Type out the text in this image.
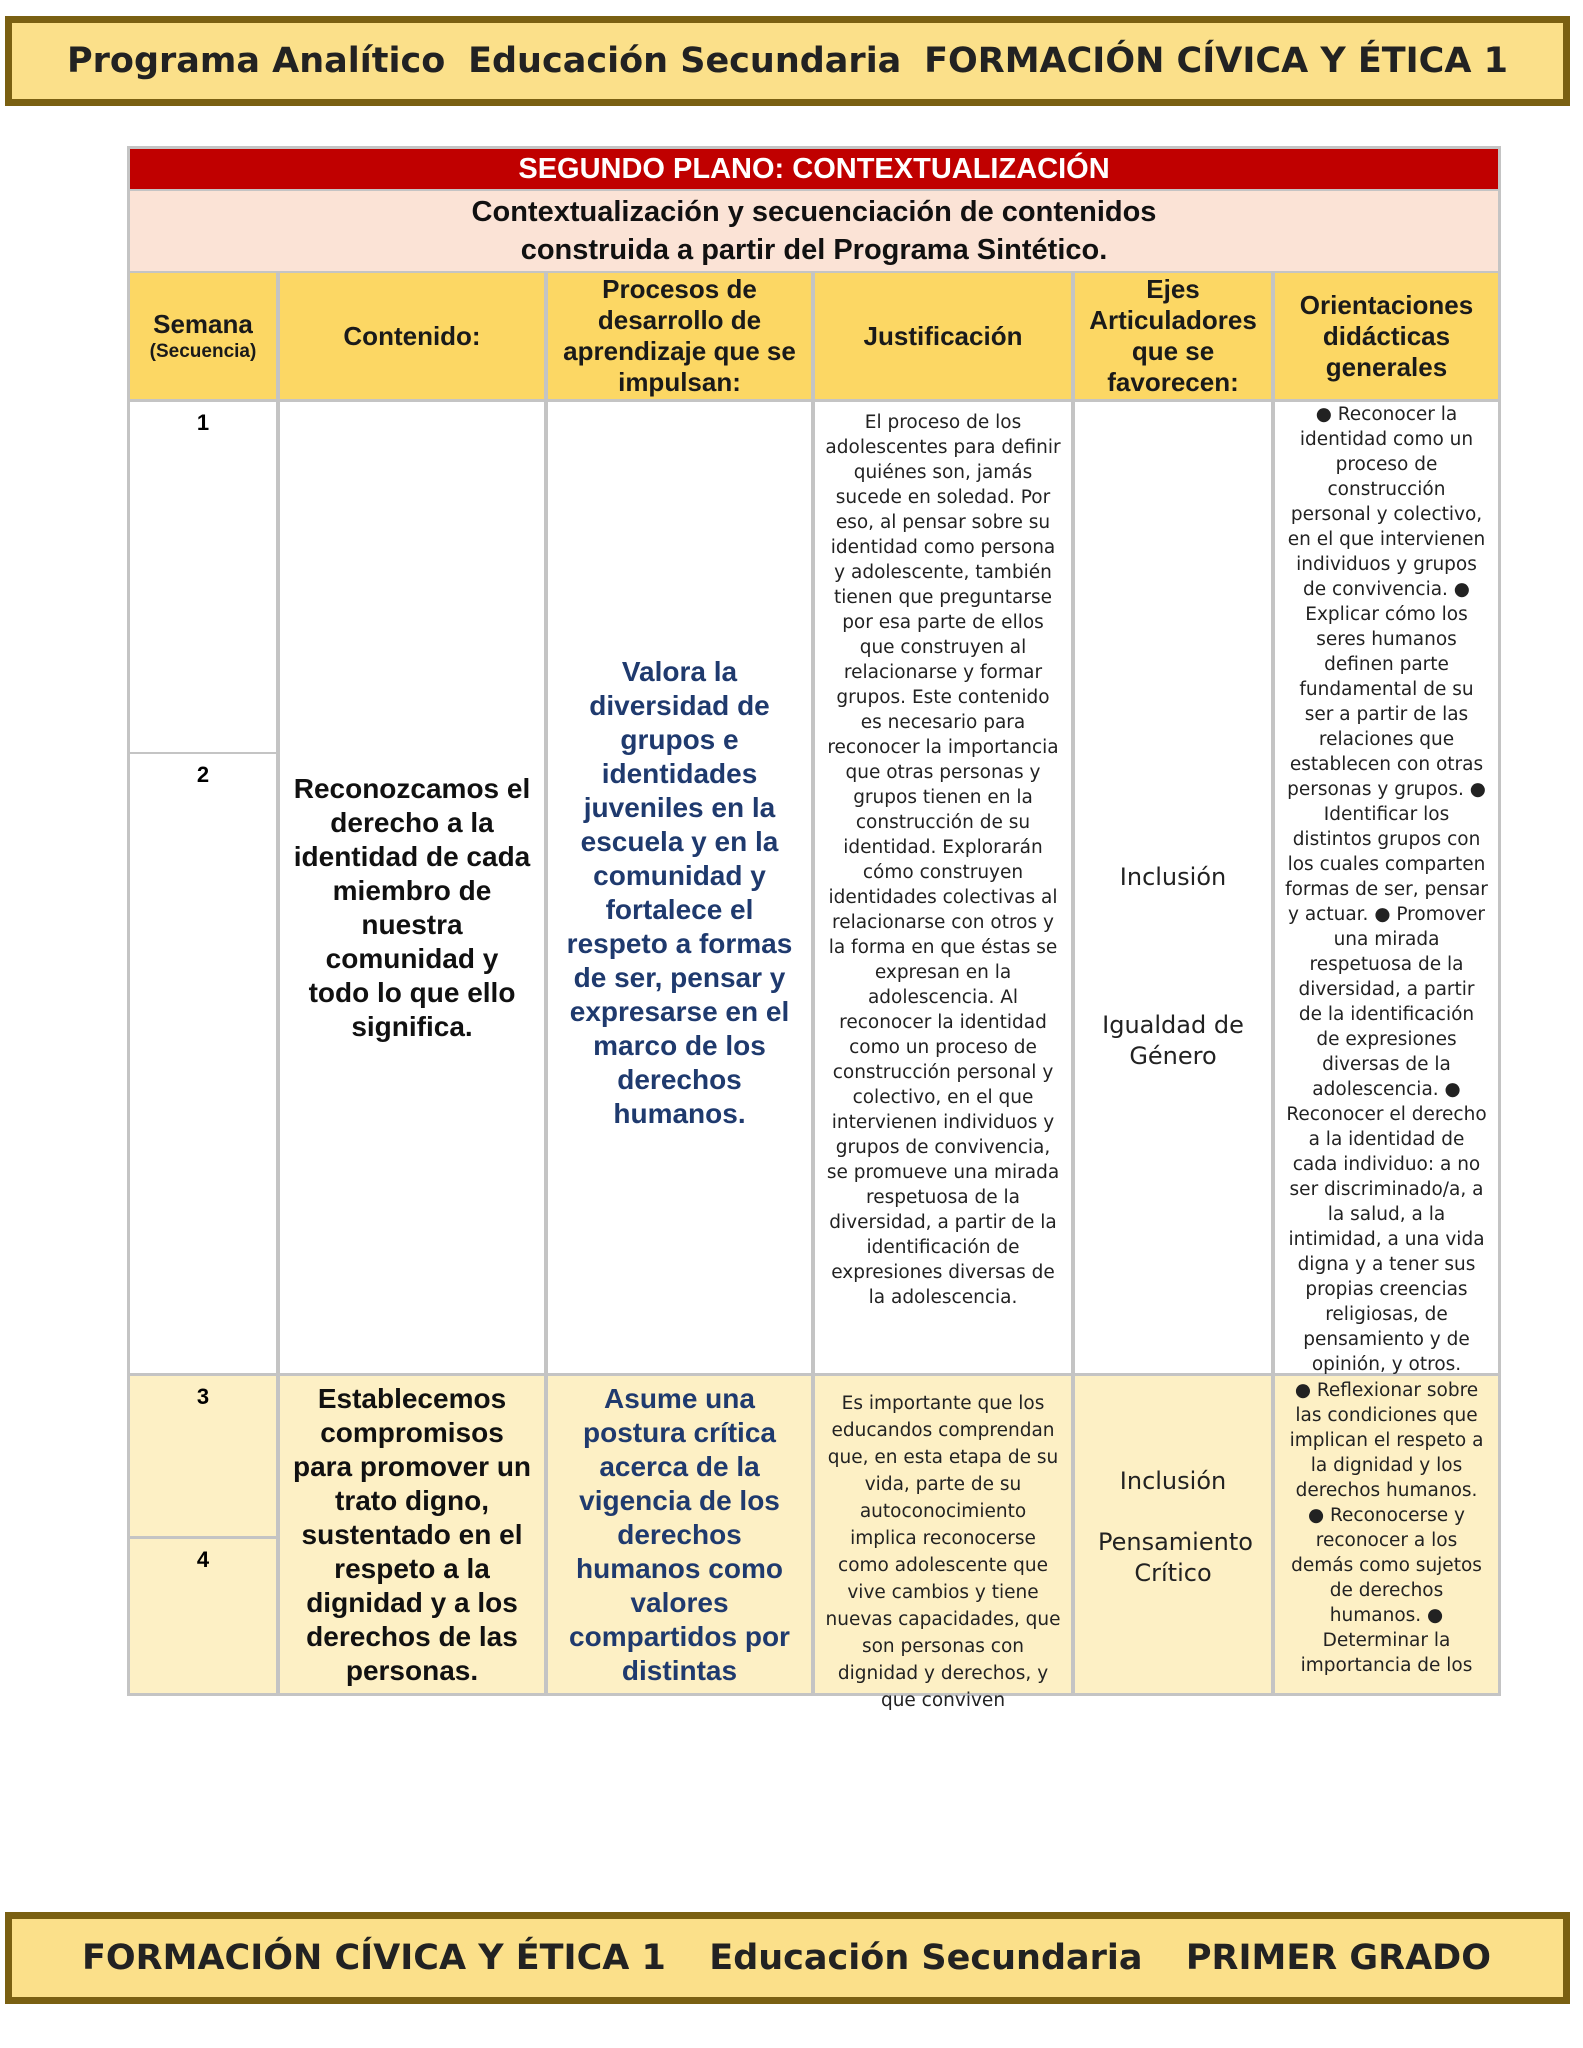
Programa Analítico Educación Secundaria FORMACIÓN CÍVICA Y ÉTICA 1
SEGUNDO PLANO: CONTEXTUALIZACIÓN
Contextualización y secuenciación de contenidos
construida a partir del Programa Sintético.
Semana
(Secuencia)
Contenido:
Procesos de desarrollo de aprendizaje que se impulsan:
Justificación
Ejes Articuladores que se favorecen:
Orientaciones didácticas generales
1
2	Reconozcamos el derecho a la identidad de cada miembro de nuestra comunidad y todo lo que ello significa.
Valora la diversidad de grupos e identidades juveniles en la escuela y en la comunidad y fortalece el respeto a formas de ser, pensar y expresarse en el marco de los derechos humanos.
El proceso de los adolescentes para definir quiénes son, jamás sucede en soledad. Por eso, al pensar sobre su identidad como persona y adolescente, también tienen que preguntarse por esa parte de ellos que construyen al relacionarse y formar grupos. Este contenido es necesario para reconocer la importancia que otras personas y grupos tienen en la construcción de su identidad. Explorarán cómo construyen identidades colectivas al relacionarse con otros y la forma en que éstas se expresan en la adolescencia. Al reconocer la identidad como un proceso de construcción personal y colectivo, en el que intervienen individuos y grupos de convivencia, se promueve una mirada respetuosa de la diversidad, a partir de la identificación de expresiones diversas de la adolescencia.
Inclusión
Igualdad de Género
● Reconocer la identidad como un proceso de construcción personal y colectivo, en el que intervienen individuos y grupos de convivencia. ● Explicar cómo los seres humanos definen parte fundamental de su ser a partir de las relaciones que establecen con otras personas y grupos. ● Identificar los distintos grupos con los cuales comparten formas de ser, pensar y actuar. ● Promover una mirada respetuosa de la diversidad, a partir de la identificación de expresiones diversas de la adolescencia. ● Reconocer el derecho a la identidad de cada individuo: a no ser discriminado/a, a la salud, a la intimidad, a una vida digna y a tener sus propias creencias religiosas, de pensamiento y de opinión, y otros.
3
4
Establecemos compromisos para promover un trato digno, sustentado en el respeto a la dignidad y a los derechos de las personas.
Asume una postura crítica acerca de la vigencia de los derechos humanos como valores compartidos por distintas
Es importante que los educandos comprendan que, en esta etapa de su vida, parte de su autoconocimiento implica reconocerse como adolescente que vive cambios y tiene nuevas capacidades, que son personas con dignidad y derechos, y que conviven
Inclusión
Pensamiento Crítico
● Reflexionar sobre las condiciones que implican el respeto a la dignidad y los derechos humanos. ● Reconocerse y reconocer a los demás como sujetos de derechos humanos. ● Determinar la importancia de los
FORMACIÓN CÍVICA Y ÉTICA 1 Educación Secundaria PRIMER GRADO
